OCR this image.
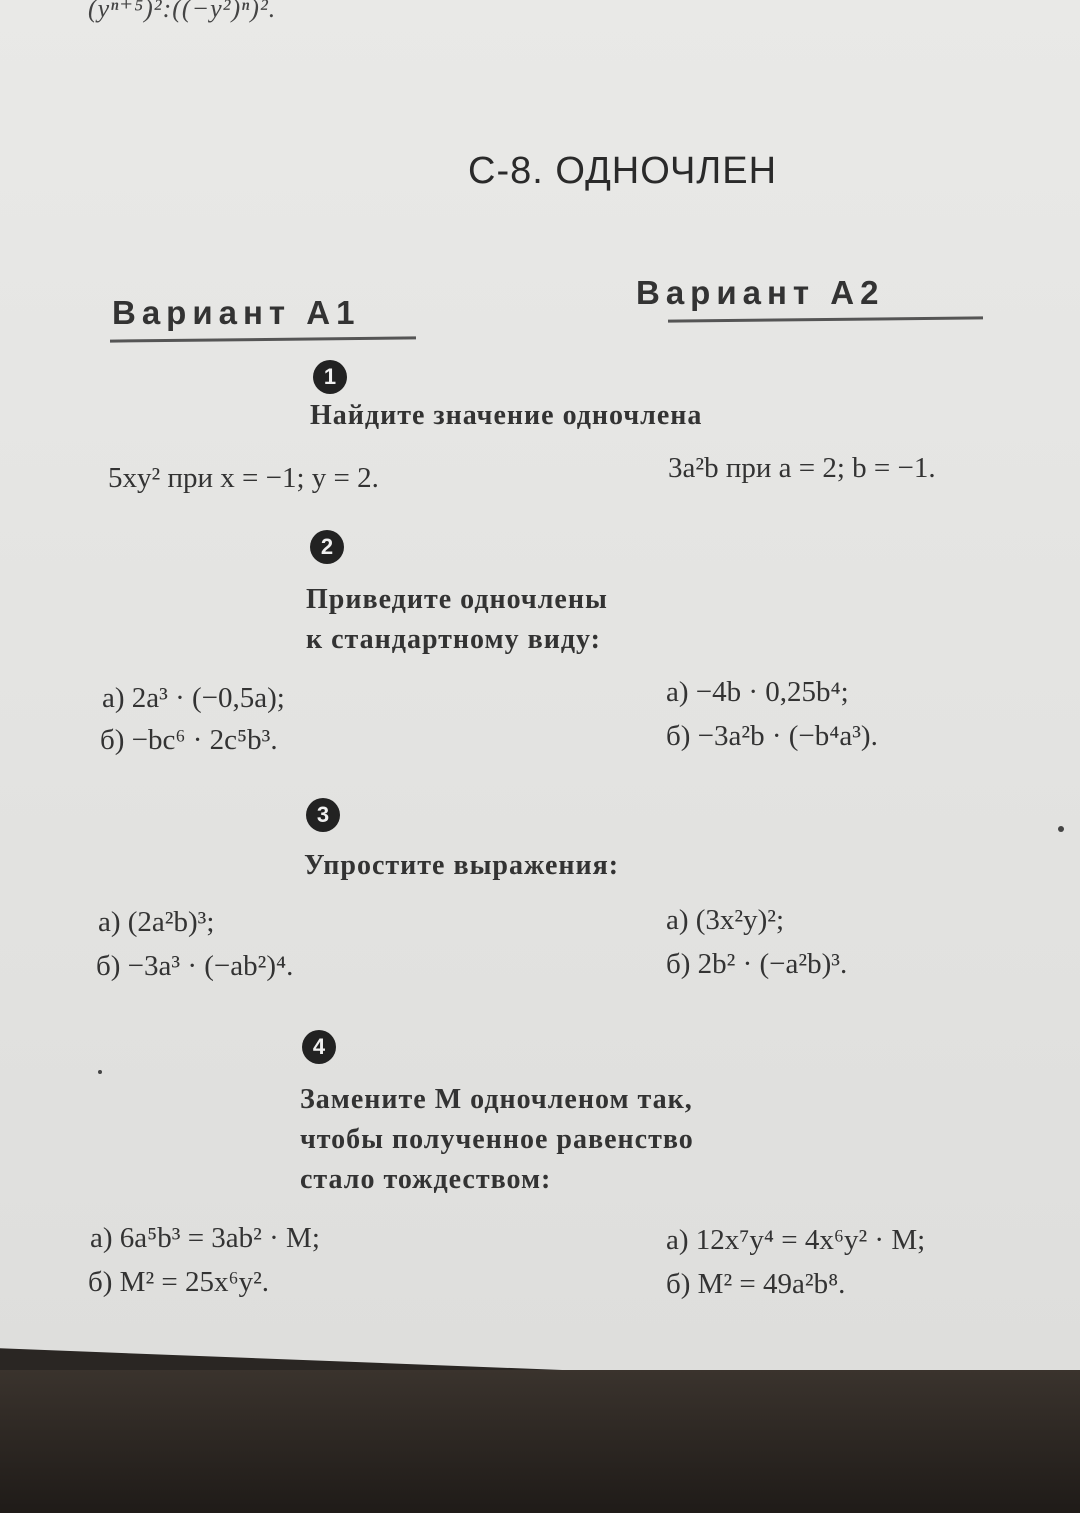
(yⁿ⁺⁵)²:((−y²)ⁿ)².
С-8. ОДНОЧЛЕН
Вариант А1
Вариант А2
1
Найдите значение одночлена
5xy² при x = −1; y = 2.	3a²b при a = 2; b = −1.
2
Приведите одночлены
к стандартному виду:
а) 2a³ · (−0,5a);
б) −bc⁶ · 2c⁵b³.
а) −4b · 0,25b⁴;
б) −3a²b · (−b⁴a³).
3
Упростите выражения:
а) (2a²b)³;
б) −3a³ · (−ab²)⁴.
а) (3x²y)²;
б) 2b² · (−a²b)³.
4
Замените M одночленом так,
чтобы полученное равенство
стало тождеством:
а) 6a⁵b³ = 3ab² · M;
б) M² = 25x⁶y².
а) 12x⁷y⁴ = 4x⁶y² · M;
б) M² = 49a²b⁸.
